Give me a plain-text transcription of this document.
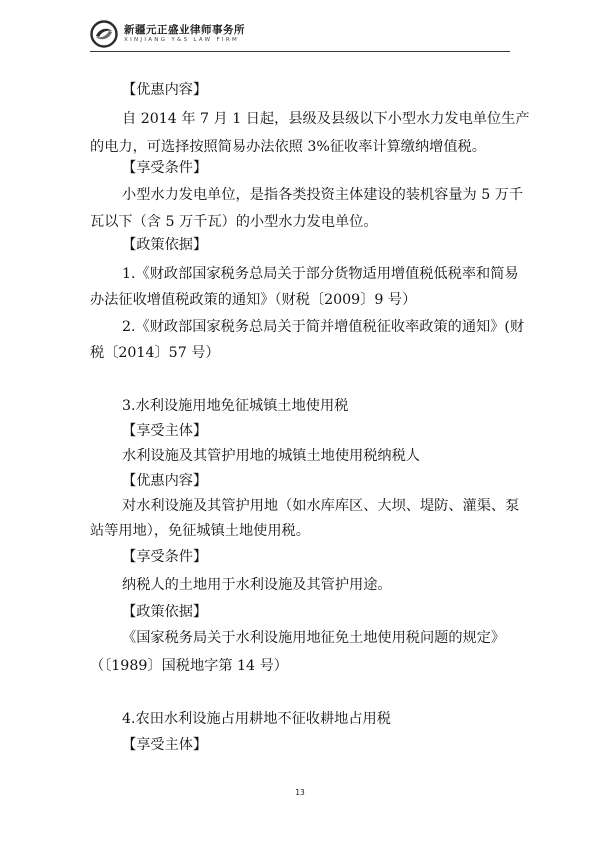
新疆元正盛业律师事务所
XINJIANG Y&S LAW FIRM
【优惠内容】
自 2014 年 7 月 1 日起，县级及县级以下小型水力发电单位生产
的电力，可选择按照简易办法依照 3%征收率计算缴纳增值税。
【享受条件】
小型水力发电单位，是指各类投资主体建设的装机容量为 5 万千
瓦以下（含 5 万千瓦）的小型水力发电单位。
【政策依据】
1.《财政部国家税务总局关于部分货物适用增值税低税率和简易
办法征收增值税政策的通知》（财税〔2009〕9 号）
2.《财政部国家税务总局关于简并增值税征收率政策的通知》(财
税〔2014〕57 号）
3.水利设施用地免征城镇土地使用税
【享受主体】
水利设施及其管护用地的城镇土地使用税纳税人
【优惠内容】
对水利设施及其管护用地（如水库库区、大坝、堤防、灌渠、泵
站等用地），免征城镇土地使用税。
【享受条件】
纳税人的土地用于水利设施及其管护用途。
【政策依据】
《国家税务局关于水利设施用地征免土地使用税问题的规定》
（〔1989〕国税地字第 14 号）
4.农田水利设施占用耕地不征收耕地占用税
【享受主体】
13
